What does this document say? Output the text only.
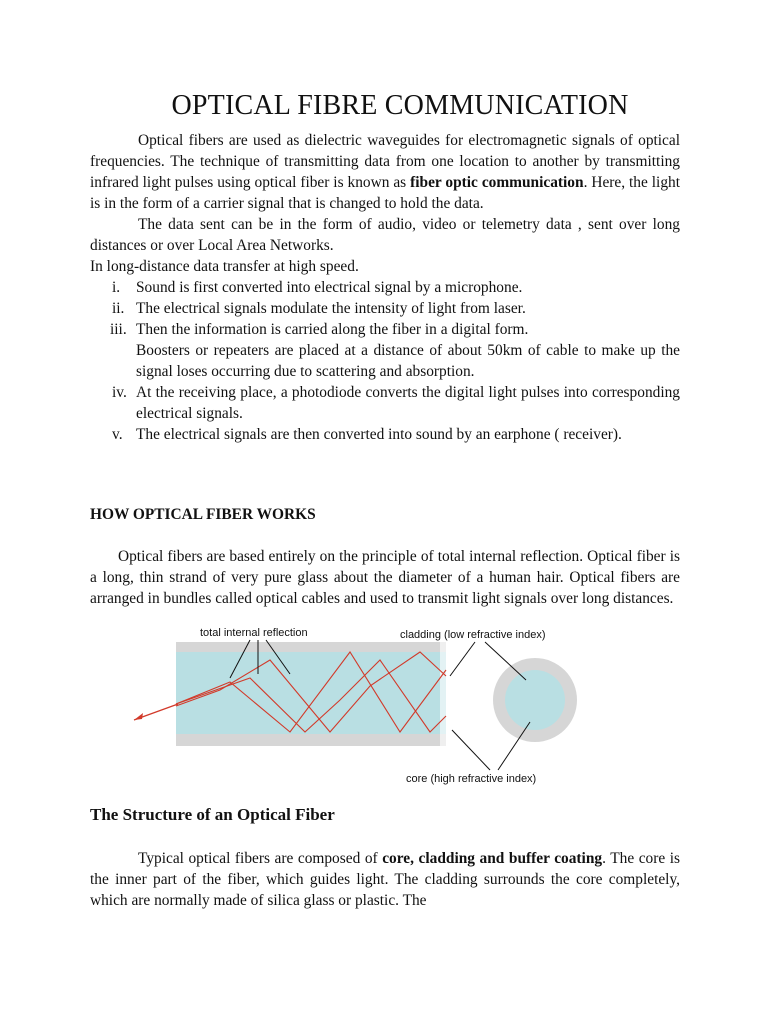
OPTICAL FIBRE COMMUNICATION

Optical fibers are used as dielectric waveguides for electromagnetic signals of optical frequencies. The technique of transmitting data from one location to another by transmitting infrared light pulses using optical fiber is known as fiber optic communication. Here, the light is in the form of a carrier signal that is changed to hold the data.

The data sent can be in the form of audio, video or telemetry data , sent over long distances or over Local Area Networks.

In long-distance data transfer at high speed.

i.	Sound is first converted into electrical signal by a microphone.
ii. The electrical signals modulate the intensity of light from laser.
iii. Then the information is carried along the fiber in a digital form.
Boosters or repeaters are placed at a distance of about 50km of cable to make up the signal loses occurring due to scattering and absorption.
iv. At the receiving place, a photodiode converts the digital light pulses into corresponding electrical signals.
v. The electrical signals are then converted into sound by an earphone ( receiver).
HOW OPTICAL FIBER WORKS

Optical fibers are based entirely on the principle of total internal reflection. Optical fiber is a long, thin strand of very pure glass about the diameter of a human hair. Optical fibers are arranged in bundles called optical cables and used to transmit light signals over long distances.

total internal reflection	cladding (low refractive index)
core (high refractive index)
The Structure of an Optical Fiber

Typical optical fibers are composed of core, cladding and buffer coating. The core is the inner part of the fiber, which guides light. The cladding surrounds the core completely, which are normally made of silica glass or plastic. The
